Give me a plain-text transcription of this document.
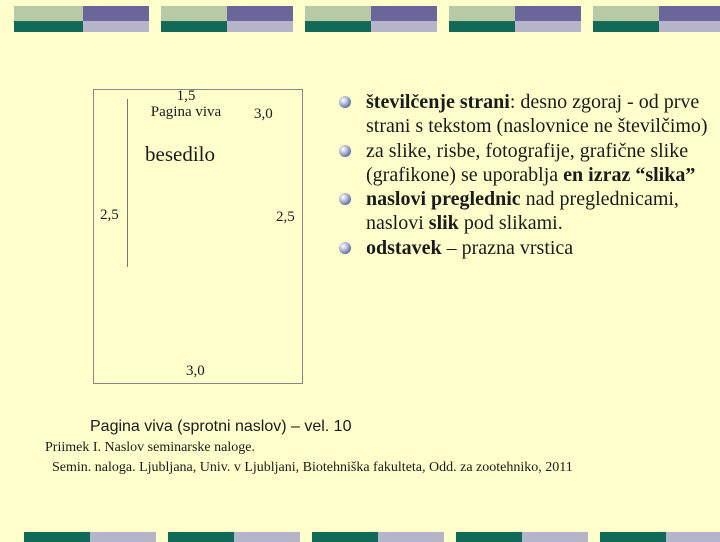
1,5
Pagina viva	3,0
besedilo
2,5	2,5
3,0
številčenje strani: desno zgoraj - od prve strani s tekstom (naslovnice ne številčimo)
za slike, risbe, fotografije, grafične slike (grafikone) se uporablja en izraz “slika”
naslovi preglednic nad preglednicami, naslovi slik pod slikami.
odstavek – prazna vrstica
Pagina viva (sprotni naslov) – vel. 10
Priimek I. Naslov seminarske naloge.
Semin. naloga. Ljubljana, Univ. v Ljubljani, Biotehniška fakulteta, Odd. za zootehniko, 2011
